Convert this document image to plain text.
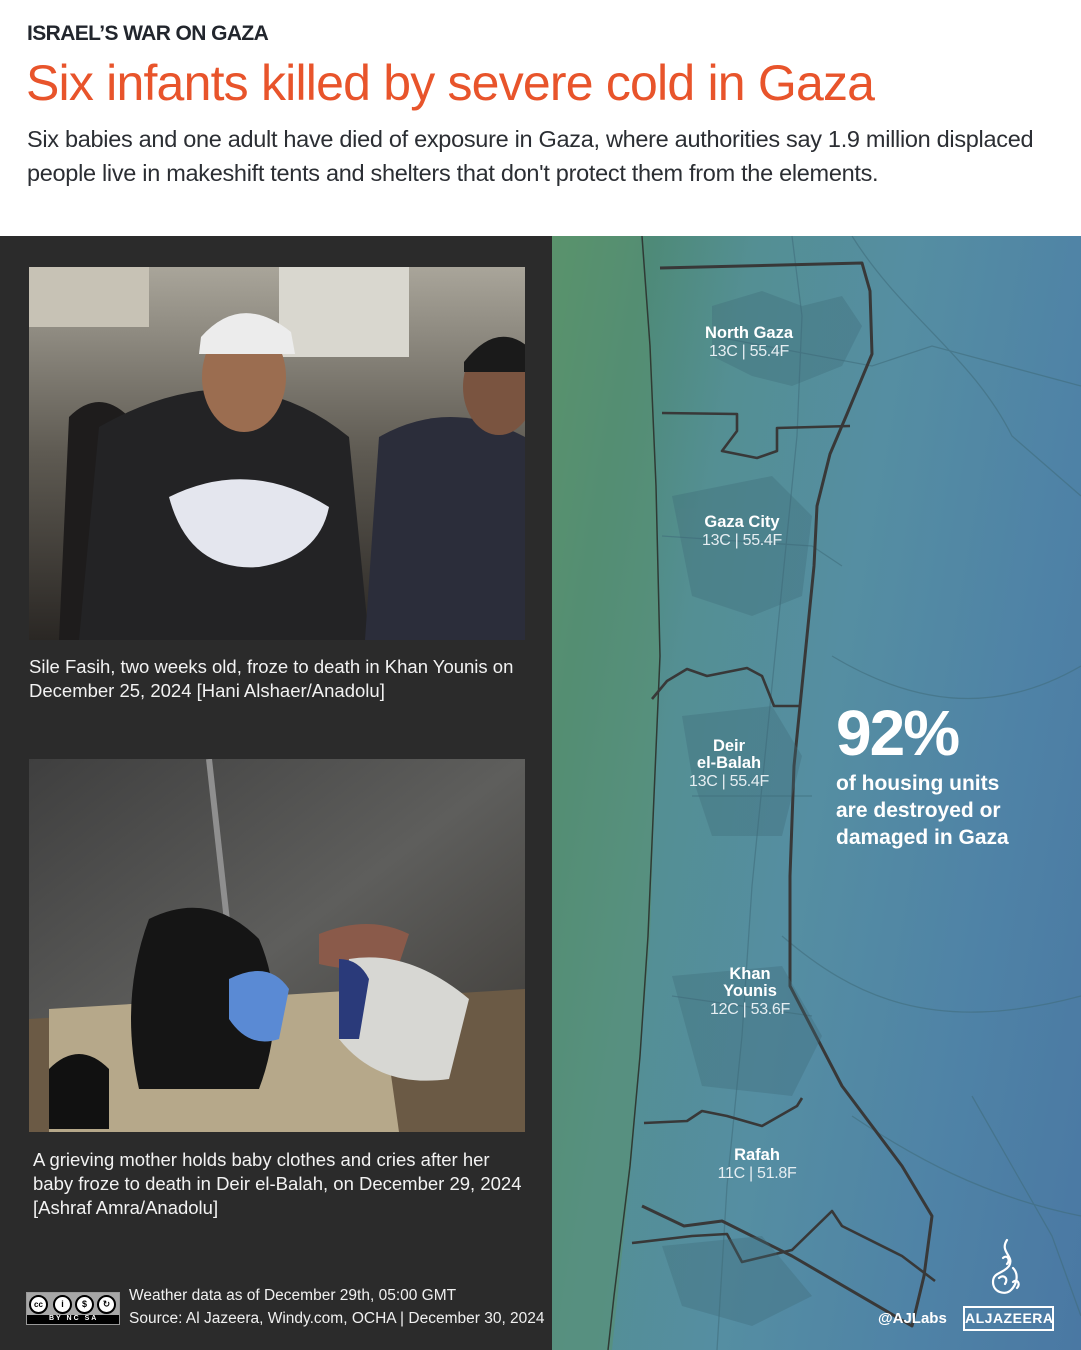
ISRAEL’S WAR ON GAZA
Six infants killed by severe cold in Gaza
Six babies and one adult have died of exposure in Gaza, where authorities say 1.9 million displaced people live in makeshift tents and shelters that don't protect them from the elements.
Sile Fasih, two weeks old, froze to death in Khan Younis on December 25, 2024 [Hani Alshaer/Anadolu]
A grieving mother holds baby clothes and cries after her baby froze to death in Deir el-Balah, on December 29, 2024 [Ashraf Amra/Anadolu]
North Gaza
13C | 55.4F
Gaza City
13C | 55.4F
Deir
el-Balah
13C | 55.4F
Khan
Younis
12C | 53.6F
Rafah
11C | 51.8F
92%
of housing units
are destroyed or
damaged in Gaza
cc	i	$	↻
BY NC SA
Weather data as of December 29th, 05:00 GMT
Source: Al Jazeera, Windy.com, OCHA | December 30, 2024	@AJLabs ALJAZEERA
